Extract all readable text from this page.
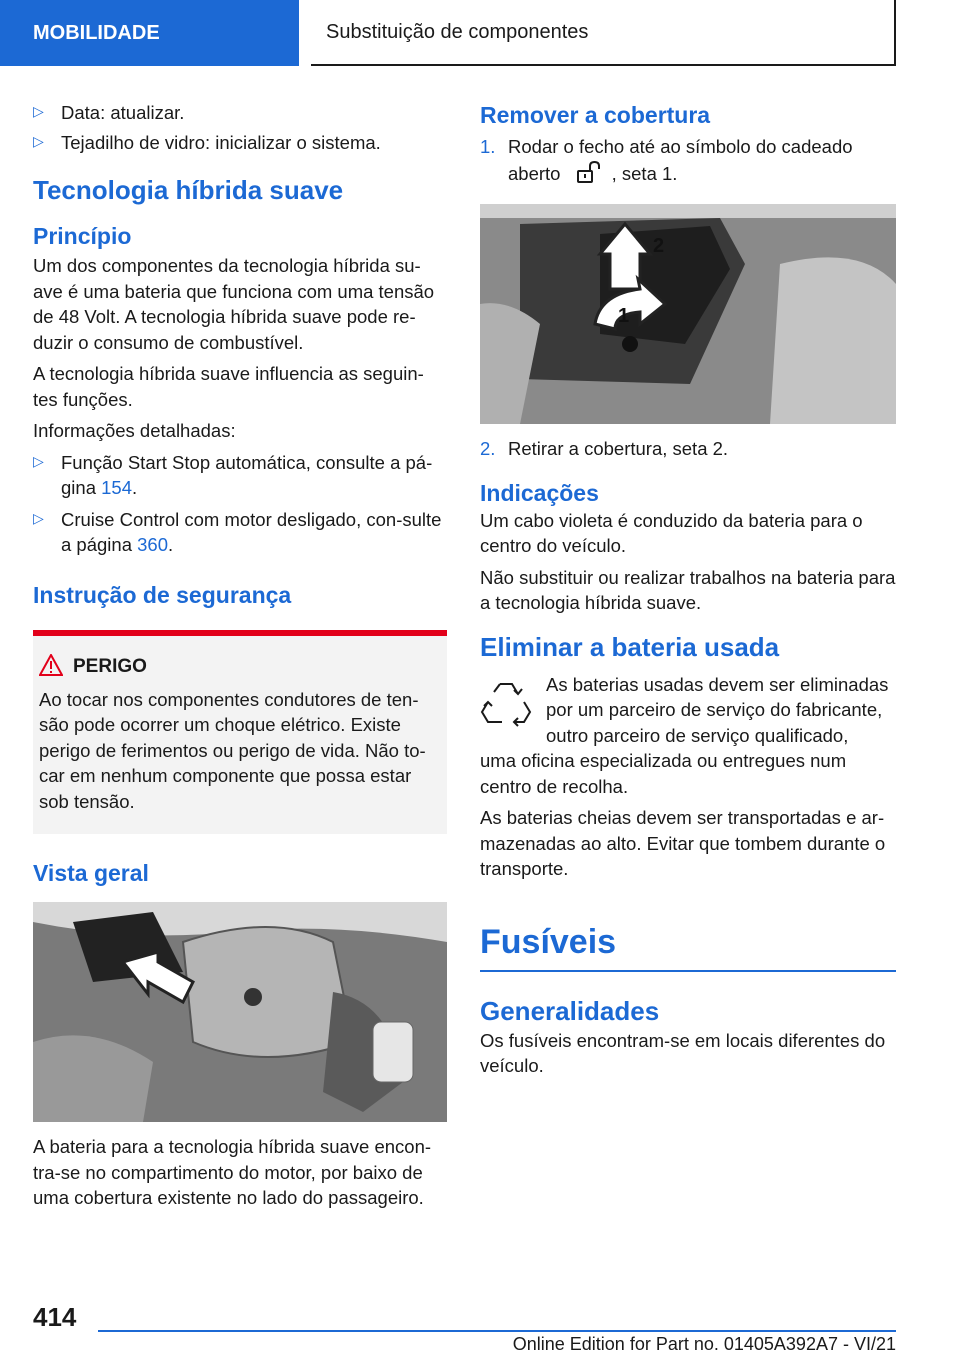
MOBILIDADE	Substituição de componentes
▷ Data: atualizar.

▷ Tejadilho de vidro: inicializar o sistema.

Tecnologia híbrida suave
Princípio

Um dos componentes da tecnologia híbrida su-ave é uma bateria que funciona com uma tensão de 48 Volt. A tecnologia híbrida suave pode re-duzir o consumo de combustível.

A tecnologia híbrida suave influencia as seguin-tes funções.

Informações detalhadas:

▷ Função Start Stop automática, consulte a pá-gina 154.

▷ Cruise Control com motor desligado, con-sulte a página 360.

Instrução de segurança
PERIGO

Ao tocar nos componentes condutores de ten-são pode ocorrer um choque elétrico. Existe perigo de ferimentos ou perigo de vida. Não to-car em nenhum componente que possa estar sob tensão.

Vista geral

A bateria para a tecnologia híbrida suave encon-tra-se no compartimento do motor, por baixo de uma cobertura existente no lado do passageiro.

Remover a cobertura
1. Rodar o fecho até ao símbolo do cadeado aberto	, seta 1.

2
1
2. Retirar a cobertura, seta 2.

Indicações

Um cabo violeta é conduzido da bateria para o centro do veículo.

Não substituir ou realizar trabalhos na bateria para a tecnologia híbrida suave.

Eliminar a bateria usada

As baterias usadas devem ser eliminadas por um parceiro de serviço do fabricante, outro parceiro de serviço qualificado,

uma oficina especializada ou entregues num centro de recolha.

As baterias cheias devem ser transportadas e ar-mazenadas ao alto. Evitar que tombem durante o transporte.

Fusíveis
Generalidades

Os fusíveis encontram-se em locais diferentes do veículo.

414
Online Edition for Part no. 01405A392A7 - VI/21
